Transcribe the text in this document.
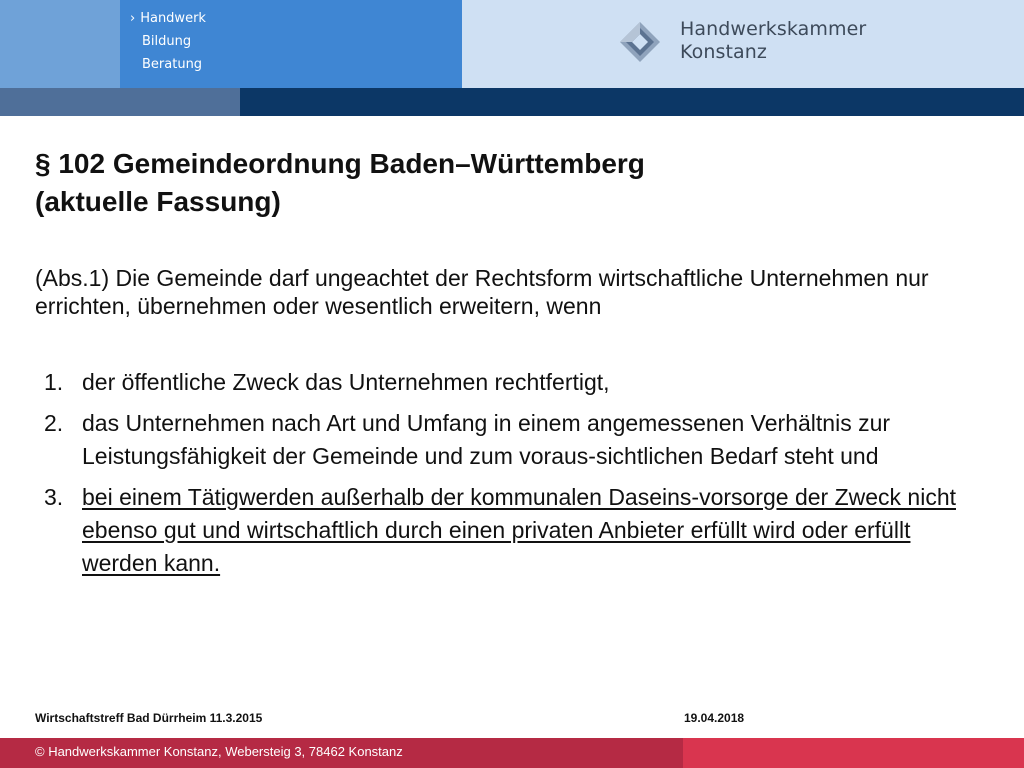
› Handwerk
Bildung
Beratung
Handwerkskammer
Konstanz
§ 102 Gemeindeordnung Baden–Württemberg
(aktuelle Fassung)
(Abs.1) Die Gemeinde darf ungeachtet der Rechtsform wirtschaftliche Unternehmen nur errichten, übernehmen oder wesentlich erweitern, wenn
1. der öffentliche Zweck das Unternehmen rechtfertigt,
2. das Unternehmen nach Art und Umfang in einem angemessenen Verhältnis zur Leistungsfähigkeit der Gemeinde und zum voraus-sichtlichen Bedarf steht und
3. bei einem Tätigwerden außerhalb der kommunalen Daseins-vorsorge der Zweck nicht ebenso gut und wirtschaftlich durch einen privaten Anbieter erfüllt wird oder erfüllt werden kann.
Wirtschaftstreff Bad Dürrheim 11.3.2015	19.04.2018
© Handwerkskammer Konstanz, Webersteig 3, 78462 Konstanz
